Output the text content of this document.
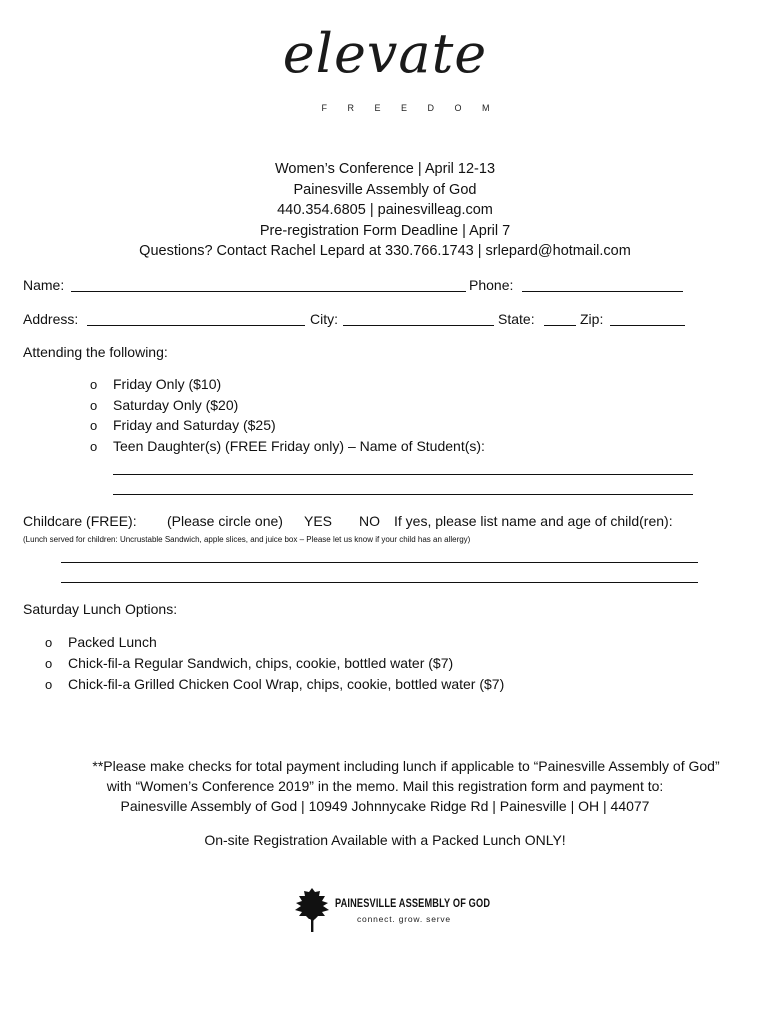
elevate
F R E E D O M
Women’s Conference | April 12-13
Painesville Assembly of God
440.354.6805 | painesvilleag.com
Pre-registration Form Deadline | April 7
Questions? Contact Rachel Lepard at 330.766.1743 | srlepard@hotmail.com
Name:	Phone:
Address:	City:	State:	Zip:
Attending the following:
o Friday Only ($10)
o Saturday Only ($20)
o Friday and Saturday ($25)
o Teen Daughter(s) (FREE Friday only) – Name of Student(s):
Childcare (FREE): (Please circle one) YES NO If yes, please list name and age of child(ren):
(Lunch served for children: Uncrustable Sandwich, apple slices, and juice box – Please let us know if your child has an allergy)
Saturday Lunch Options:
o Packed Lunch
o Chick-fil-a Regular Sandwich, chips, cookie, bottled water ($7)
o Chick-fil-a Grilled Chicken Cool Wrap, chips, cookie, bottled water ($7)
**Please make checks for total payment including lunch if applicable to “Painesville Assembly of God”
with “Women’s Conference 2019” in the memo. Mail this registration form and payment to:
Painesville Assembly of God | 10949 Johnnycake Ridge Rd | Painesville | OH | 44077
On-site Registration Available with a Packed Lunch ONLY!
PAINESVILLE ASSEMBLY OF GOD
connect. grow. serve
